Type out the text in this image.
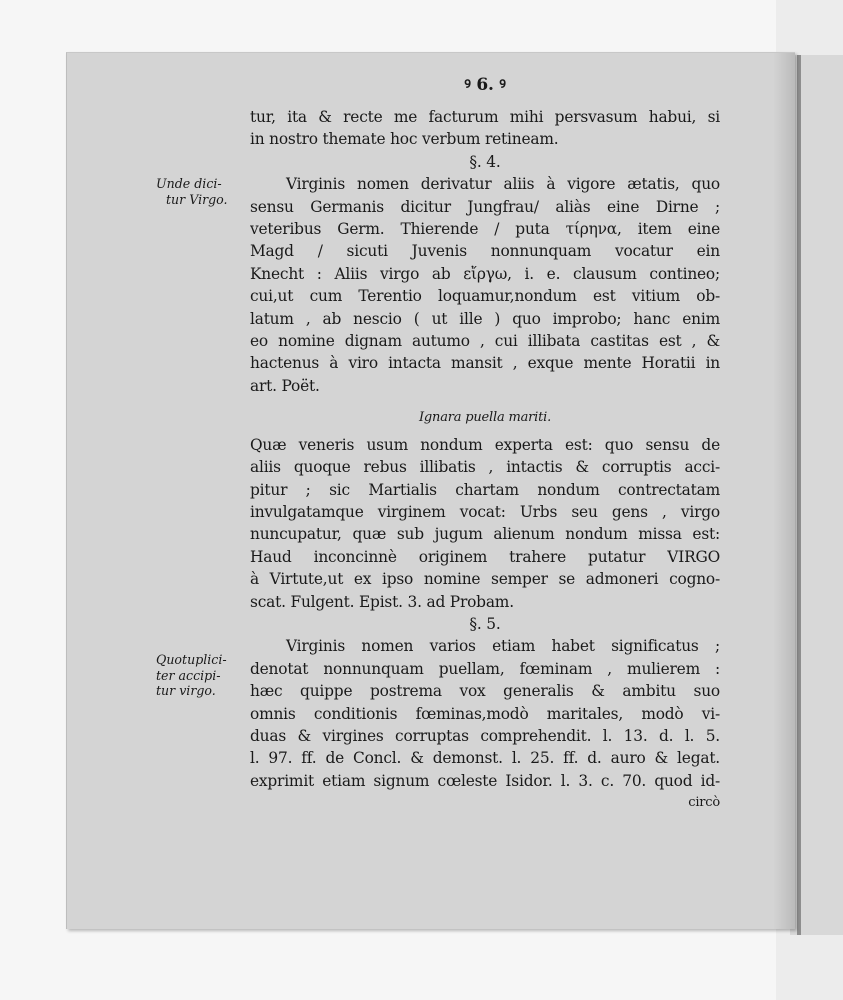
Unde dici-
tur Virgo.
Quotuplici-
ter accipi-
tur virgo.
ꝰ 6. ꝰ
tur, ita & recte me facturum mihi persvasum habui, si
in nostro themate hoc verbum retineam.
§. 4.
Virginis nomen derivatur aliis à vigore ætatis, quo
sensu Germanis dicitur Jungfrau/ aliàs eine Dirne ;
veteribus Germ. Thierende / puta τίρηνα, item eine
Magd / sicuti Juvenis nonnunquam vocatur ein
Knecht : Aliis virgo ab εἴργω, i. e. clausum contineo;
cui,ut cum Terentio loquamur,nondum est vitium ob-
latum , ab nescio ( ut ille ) quo improbo; hanc enim
eo nomine dignam autumo , cui illibata castitas est , &
hactenus à viro intacta mansit , exque mente Horatii in
art. Poët.
Ignara puella mariti.
Quæ veneris usum nondum experta est: quo sensu de
aliis quoque rebus illibatis , intactis & corruptis acci-
pitur ; sic Martialis chartam nondum contrectatam
invulgatamque virginem vocat: Urbs seu gens , virgo
nuncupatur, quæ sub jugum alienum nondum missa est:
Haud inconcinnè originem trahere putatur VIRGO
à Virtute,ut ex ipso nomine semper se admoneri cogno-
scat. Fulgent. Epist. 3. ad Probam.
§. 5.
Virginis nomen varios etiam habet significatus ;
denotat nonnunquam puellam, fœminam , mulierem :
hæc quippe postrema vox generalis & ambitu suo
omnis conditionis fœminas,modò maritales, modò vi-
duas & virgines corruptas comprehendit. l. 13. d. l. 5.
l. 97. ff. de Concl. & demonst. l. 25. ff. d. auro & legat.
exprimit etiam signum cœleste Isidor. l. 3. c. 70. quod id-
circò
